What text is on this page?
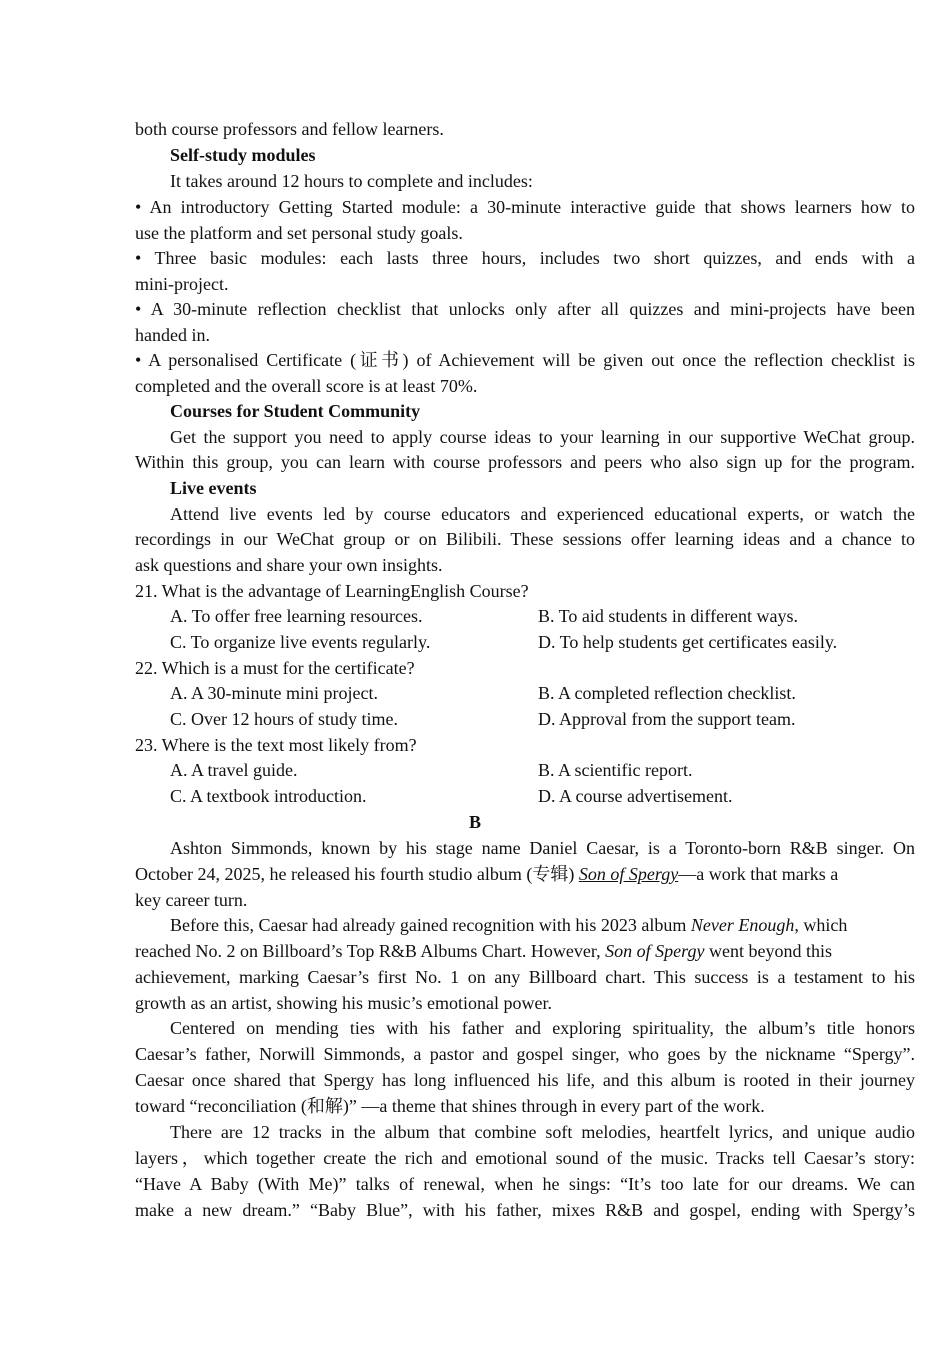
both course professors and fellow learners.
Self-study modules
It takes around 12 hours to complete and includes:
• An introductory Getting Started module: a 30-minute interactive guide that shows learners how to
use the platform and set personal study goals.
• Three basic modules: each lasts three hours, includes two short quizzes, and ends with a
mini-project.
• A 30-minute reflection checklist that unlocks only after all quizzes and mini-projects have been
handed in.
• A personalised Certificate (证书) of Achievement will be given out once the reflection checklist is
completed and the overall score is at least 70%.
Courses for Student Community
Get the support you need to apply course ideas to your learning in our supportive WeChat group.
Within this group, you can learn with course professors and peers who also sign up for the program.
Live events
Attend live events led by course educators and experienced educational experts, or watch the
recordings in our WeChat group or on Bilibili. These sessions offer learning ideas and a chance to
ask questions and share your own insights.
21. What is the advantage of LearningEnglish Course?
A. To offer free learning resources.	B. To aid students in different ways.
C. To organize live events regularly.	D. To help students get certificates easily.
22. Which is a must for the certificate?
A. A 30-minute mini project.	B. A completed reflection checklist.
C. Over 12 hours of study time.	D. Approval from the support team.
23. Where is the text most likely from?
A. A travel guide.	B. A scientific report.
C. A textbook introduction.	D. A course advertisement.
B
Ashton Simmonds, known by his stage name Daniel Caesar, is a Toronto-born R&B singer. On
October 24, 2025, he released his fourth studio album (专辑) Son of Spergy—a work that marks a
key career turn.
Before this, Caesar had already gained recognition with his 2023 album Never Enough, which
reached No. 2 on Billboard’s Top R&B Albums Chart. However, Son of Spergy went beyond this
achievement, marking Caesar’s first No. 1 on any Billboard chart. This success is a testament to his
growth as an artist, showing his music’s emotional power.
Centered on mending ties with his father and exploring spirituality, the album’s title honors
Caesar’s father, Norwill Simmonds, a pastor and gospel singer, who goes by the nickname “Spergy”.
Caesar once shared that Spergy has long influenced his life, and this album is rooted in their journey
toward “reconciliation (和解)” —a theme that shines through in every part of the work.
There are 12 tracks in the album that combine soft melodies, heartfelt lyrics, and unique audio
layers，which together create the rich and emotional sound of the music. Tracks tell Caesar’s story:
“Have A Baby (With Me)” talks of renewal, when he sings: “It’s too late for our dreams. We can
make a new dream.” “Baby Blue”, with his father, mixes R&B and gospel, ending with Spergy’s
